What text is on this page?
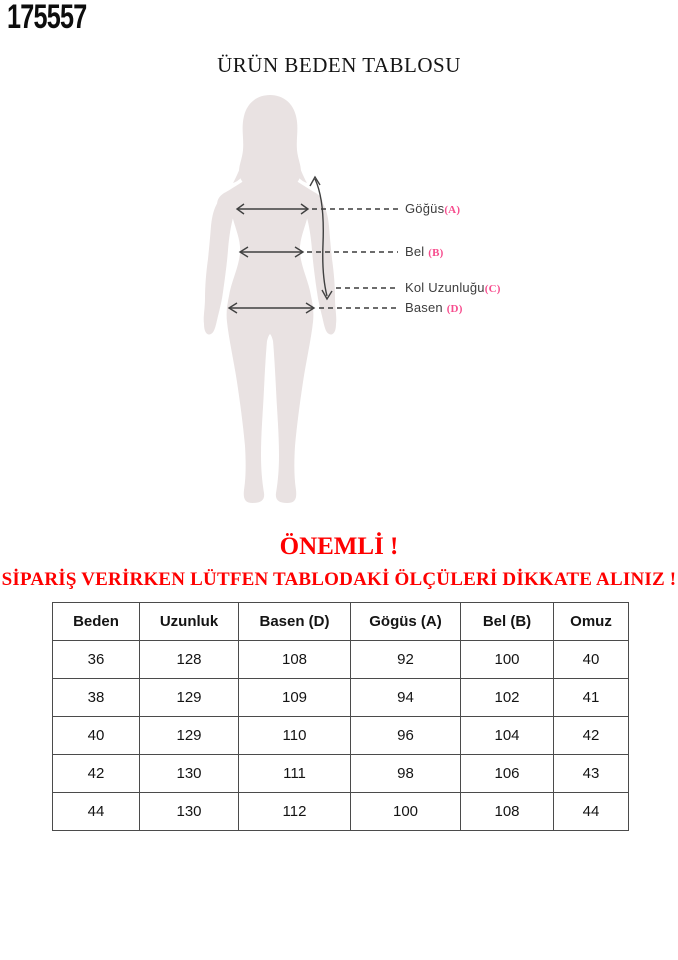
175557
ÜRÜN BEDEN TABLOSU
Göğüs(A)
Bel (B)
Kol Uzunluğu(C)
Basen (D)
ÖNEMLİ !
SİPARİŞ VERİRKEN LÜTFEN TABLODAKİ ÖLÇÜLERİ DİKKATE ALINIZ !
Beden	Uzunluk	Basen (D)	Gögüs (A)	Bel (B)	Omuz
36	128	108	92	100	40
38	129	109	94	102	41
40	129	110	96	104	42
42	130	111	98	106	43
44	130	112	100	108	44
